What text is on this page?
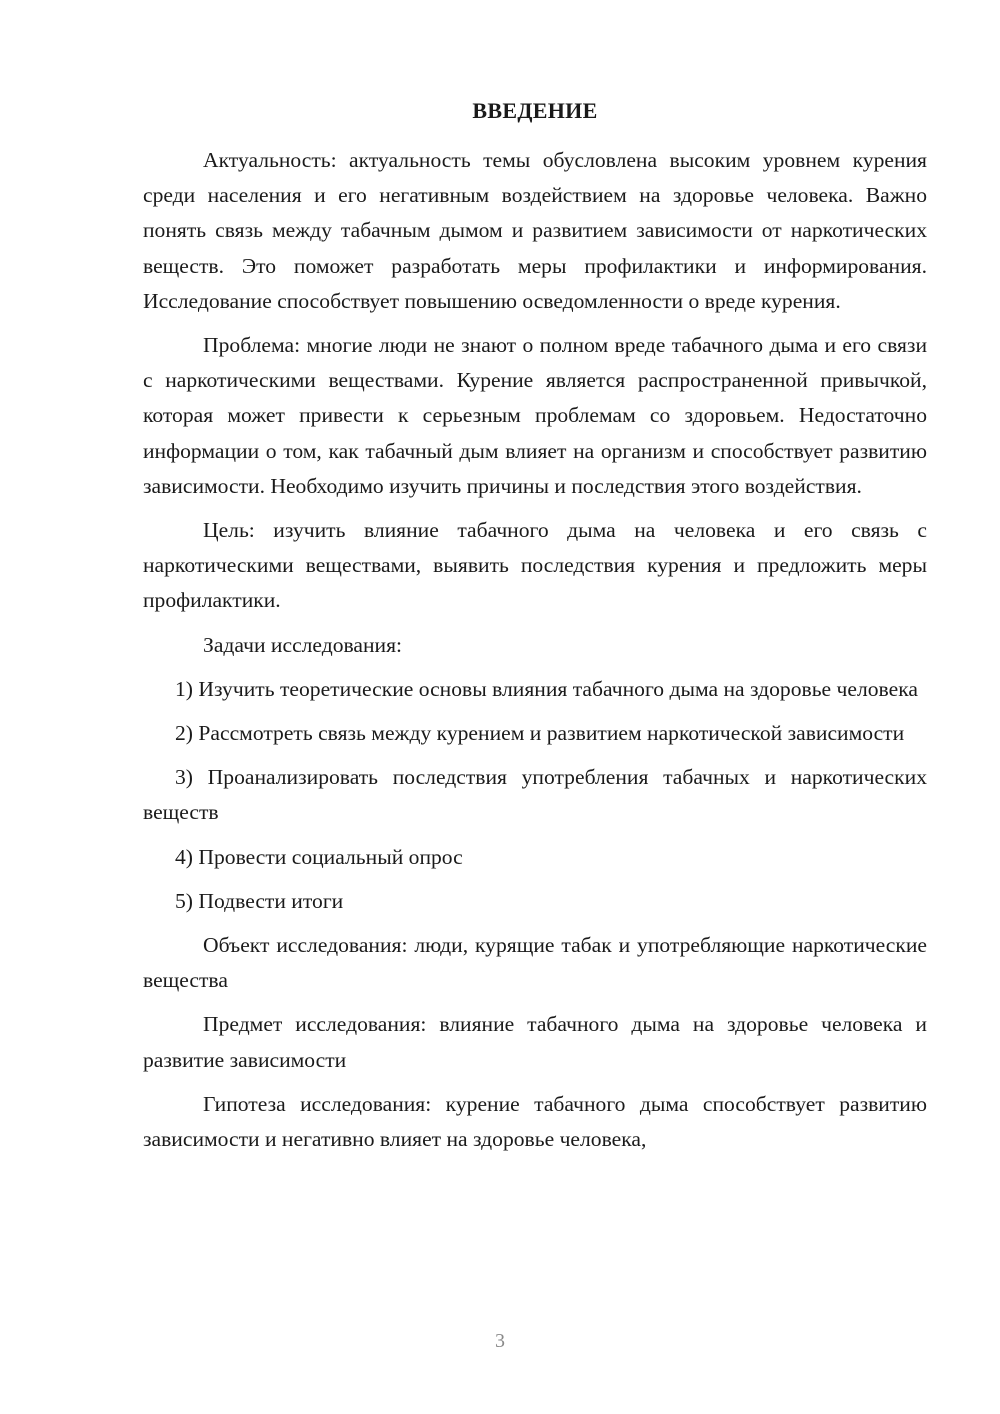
ВВЕДЕНИЕ

Актуальность: актуальность темы обусловлена высоким уровнем курения среди населения и его негативным воздействием на здоровье человека. Важно понять связь между табачным дымом и развитием зависимости от наркотических веществ. Это поможет разработать меры профилактики и информирования. Исследование способствует повышению осведомленности о вреде курения.

Проблема: многие люди не знают о полном вреде табачного дыма и его связи с наркотическими веществами. Курение является распространенной привычкой, которая может привести к серьезным проблемам со здоровьем. Недостаточно информации о том, как табачный дым влияет на организм и способствует развитию зависимости. Необходимо изучить причины и последствия этого воздействия.

Цель: изучить влияние табачного дыма на человека и его связь с наркотическими веществами, выявить последствия курения и предложить меры профилактики.

Задачи исследования:

1) Изучить теоретические основы влияния табачного дыма на здоровье человека

2) Рассмотреть связь между курением и развитием наркотической зависимости

3) Проанализировать последствия употребления табачных и наркотических веществ

4) Провести социальный опрос

5) Подвести итоги

Объект исследования: люди, курящие табак и употребляющие наркотические вещества

Предмет исследования: влияние табачного дыма на здоровье человека и развитие зависимости

Гипотеза исследования: курение табачного дыма способствует развитию зависимости и негативно влияет на здоровье человека,

3
